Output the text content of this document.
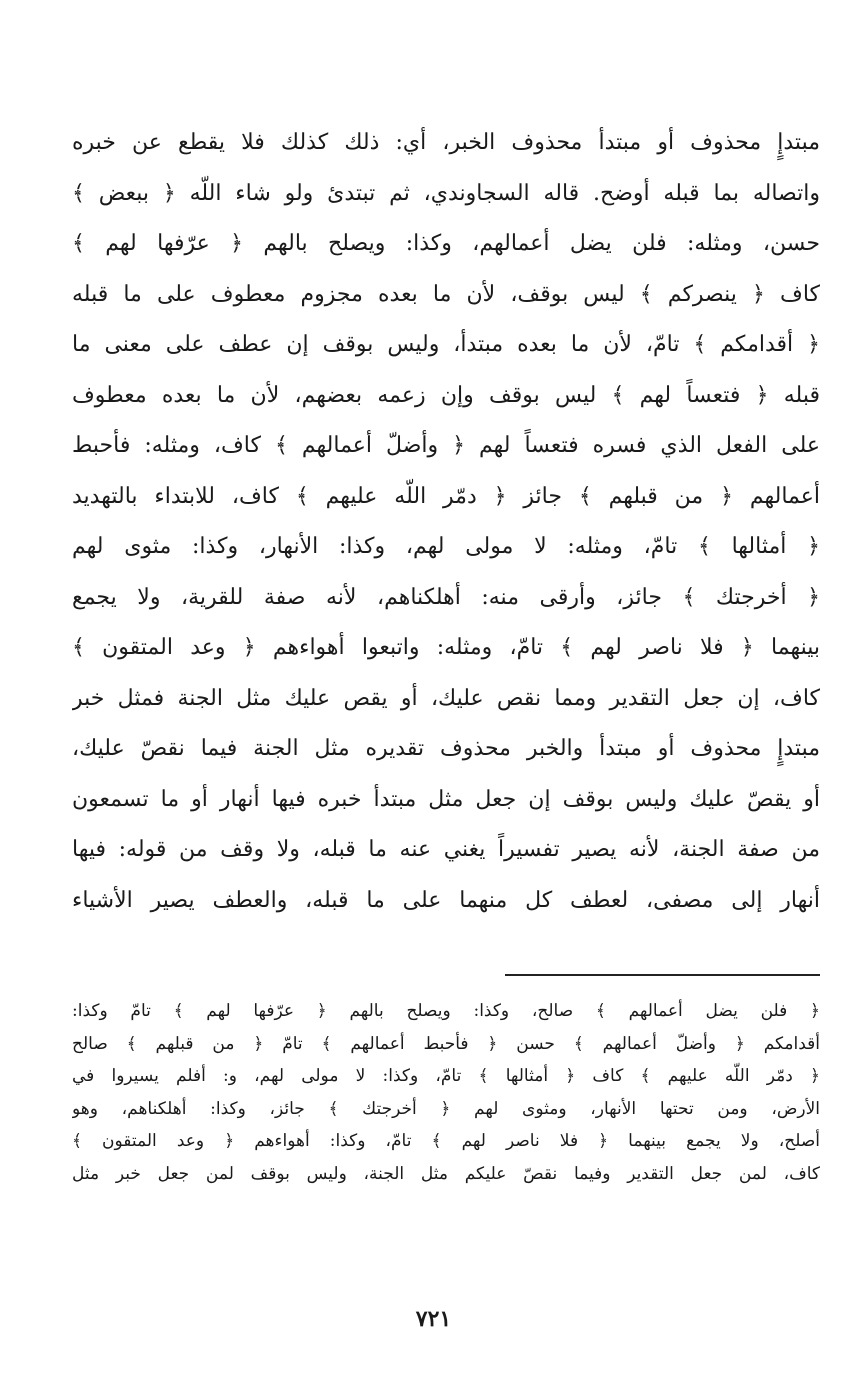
مبتدإٍ محذوف أو مبتدأ محذوف الخبر، أي: ذلك كذلك فلا يقطع عن خبره
واتصاله بما قبله أوضح. قاله السجاوندي، ثم تبتدئ ولو شاء اللّه ﴿ ببعض ﴾
حسن، ومثله: فلن يضل أعمالهم، وكذا: ويصلح بالهم ﴿ عرّفها لهم ﴾
كاف ﴿ ينصركم ﴾ ليس بوقف، لأن ما بعده مجزوم معطوف على ما قبله
﴿ أقدامكم ﴾ تامّ، لأن ما بعده مبتدأ، وليس بوقف إن عطف على معنى ما
قبله ﴿ فتعساً لهم ﴾ ليس بوقف وإن زعمه بعضهم، لأن ما بعده معطوف
على الفعل الذي فسره فتعساً لهم ﴿ وأضلّ أعمالهم ﴾ كاف، ومثله: فأحبط
أعمالهم ﴿ من قبلهم ﴾ جائز ﴿ دمّر اللّه عليهم ﴾ كاف، للابتداء بالتهديد
﴿ أمثالها ﴾ تامّ، ومثله: لا مولى لهم، وكذا: الأنهار، وكذا: مثوى لهم
﴿ أخرجتك ﴾ جائز، وأرقى منه: أهلكناهم، لأنه صفة للقرية، ولا يجمع
بينهما ﴿ فلا ناصر لهم ﴾ تامّ، ومثله: واتبعوا أهواءهم ﴿ وعد المتقون ﴾
كاف، إن جعل التقدير ومما نقص عليك، أو يقص عليك مثل الجنة فمثل خبر
مبتدإٍ محذوف أو مبتدأ والخبر محذوف تقديره مثل الجنة فيما نقصّ عليك،
أو يقصّ عليك وليس بوقف إن جعل مثل مبتدأ خبره فيها أنهار أو ما تسمعون
من صفة الجنة، لأنه يصير تفسيراً يغني عنه ما قبله، ولا وقف من قوله: فيها
أنهار إلى مصفى، لعطف كل منهما على ما قبله، والعطف يصير الأشياء
﴿ فلن يضل أعمالهم ﴾ صالح، وكذا: ويصلح بالهم ﴿ عرّفها لهم ﴾ تامّ وكذا:
أقدامكم ﴿ وأضلّ أعمالهم ﴾ حسن ﴿ فأحبط أعمالهم ﴾ تامّ ﴿ من قبلهم ﴾ صالح
﴿ دمّر اللّه عليهم ﴾ كاف ﴿ أمثالها ﴾ تامّ، وكذا: لا مولى لهم، و: أفلم يسيروا في
الأرض، ومن تحتها الأنهار، ومثوى لهم ﴿ أخرجتك ﴾ جائز، وكذا: أهلكناهم، وهو
أصلح، ولا يجمع بينهما ﴿ فلا ناصر لهم ﴾ تامّ، وكذا: أهواءهم ﴿ وعد المتقون ﴾
كاف، لمن جعل التقدير وفيما نقصّ عليكم مثل الجنة، وليس بوقف لمن جعل خبر مثل
٧٢١
